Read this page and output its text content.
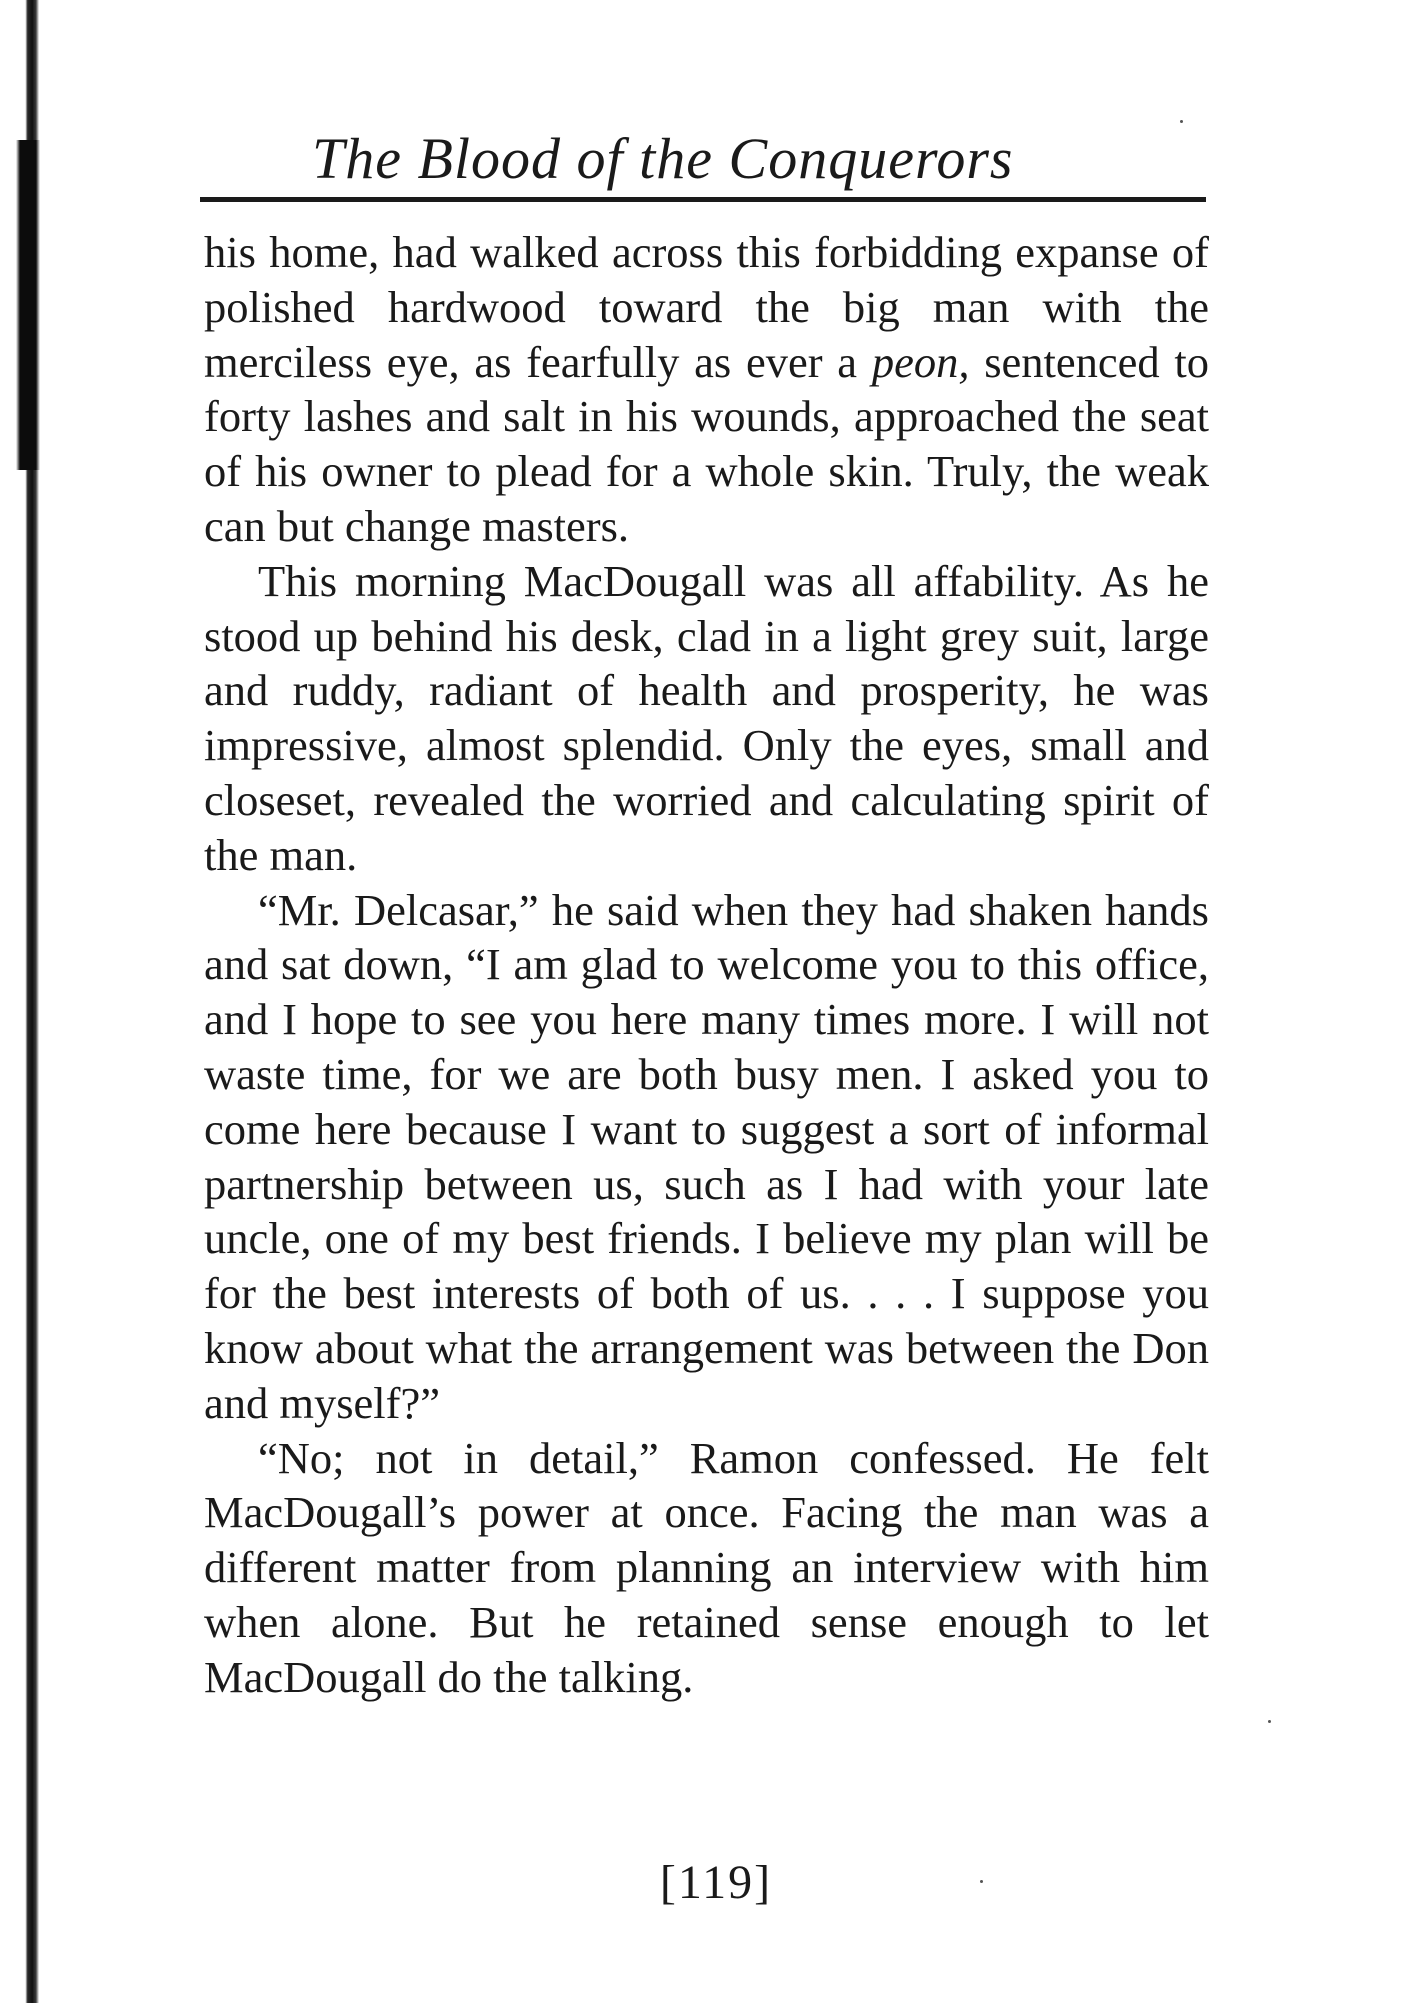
The Blood of the Conquerors

his home, had walked across this forbidding expanse of polished hardwood toward the big man with the merciless eye, as fearfully as ever a peon, sentenced to forty lashes and salt in his wounds, approached the seat of his owner to plead for a whole skin. Truly, the weak can but change masters.

This morning MacDougall was all affability. As he stood up behind his desk, clad in a light grey suit, large and ruddy, radiant of health and prosperity, he was impressive, almost splendid. Only the eyes, small and closeset, revealed the worried and calculating spirit of the man.

“Mr. Delcasar,” he said when they had shaken hands and sat down, “I am glad to welcome you to this office, and I hope to see you here many times more. I will not waste time, for we are both busy men. I asked you to come here because I want to suggest a sort of informal partnership between us, such as I had with your late uncle, one of my best friends. I believe my plan will be for the best interests of both of us. . . . I suppose you know about what the arrangement was between the Don and myself?”

“No; not in detail,” Ramon confessed. He felt MacDougall’s power at once. Facing the man was a different matter from planning an interview with him when alone. But he retained sense enough to let MacDougall do the talking.

[119]
